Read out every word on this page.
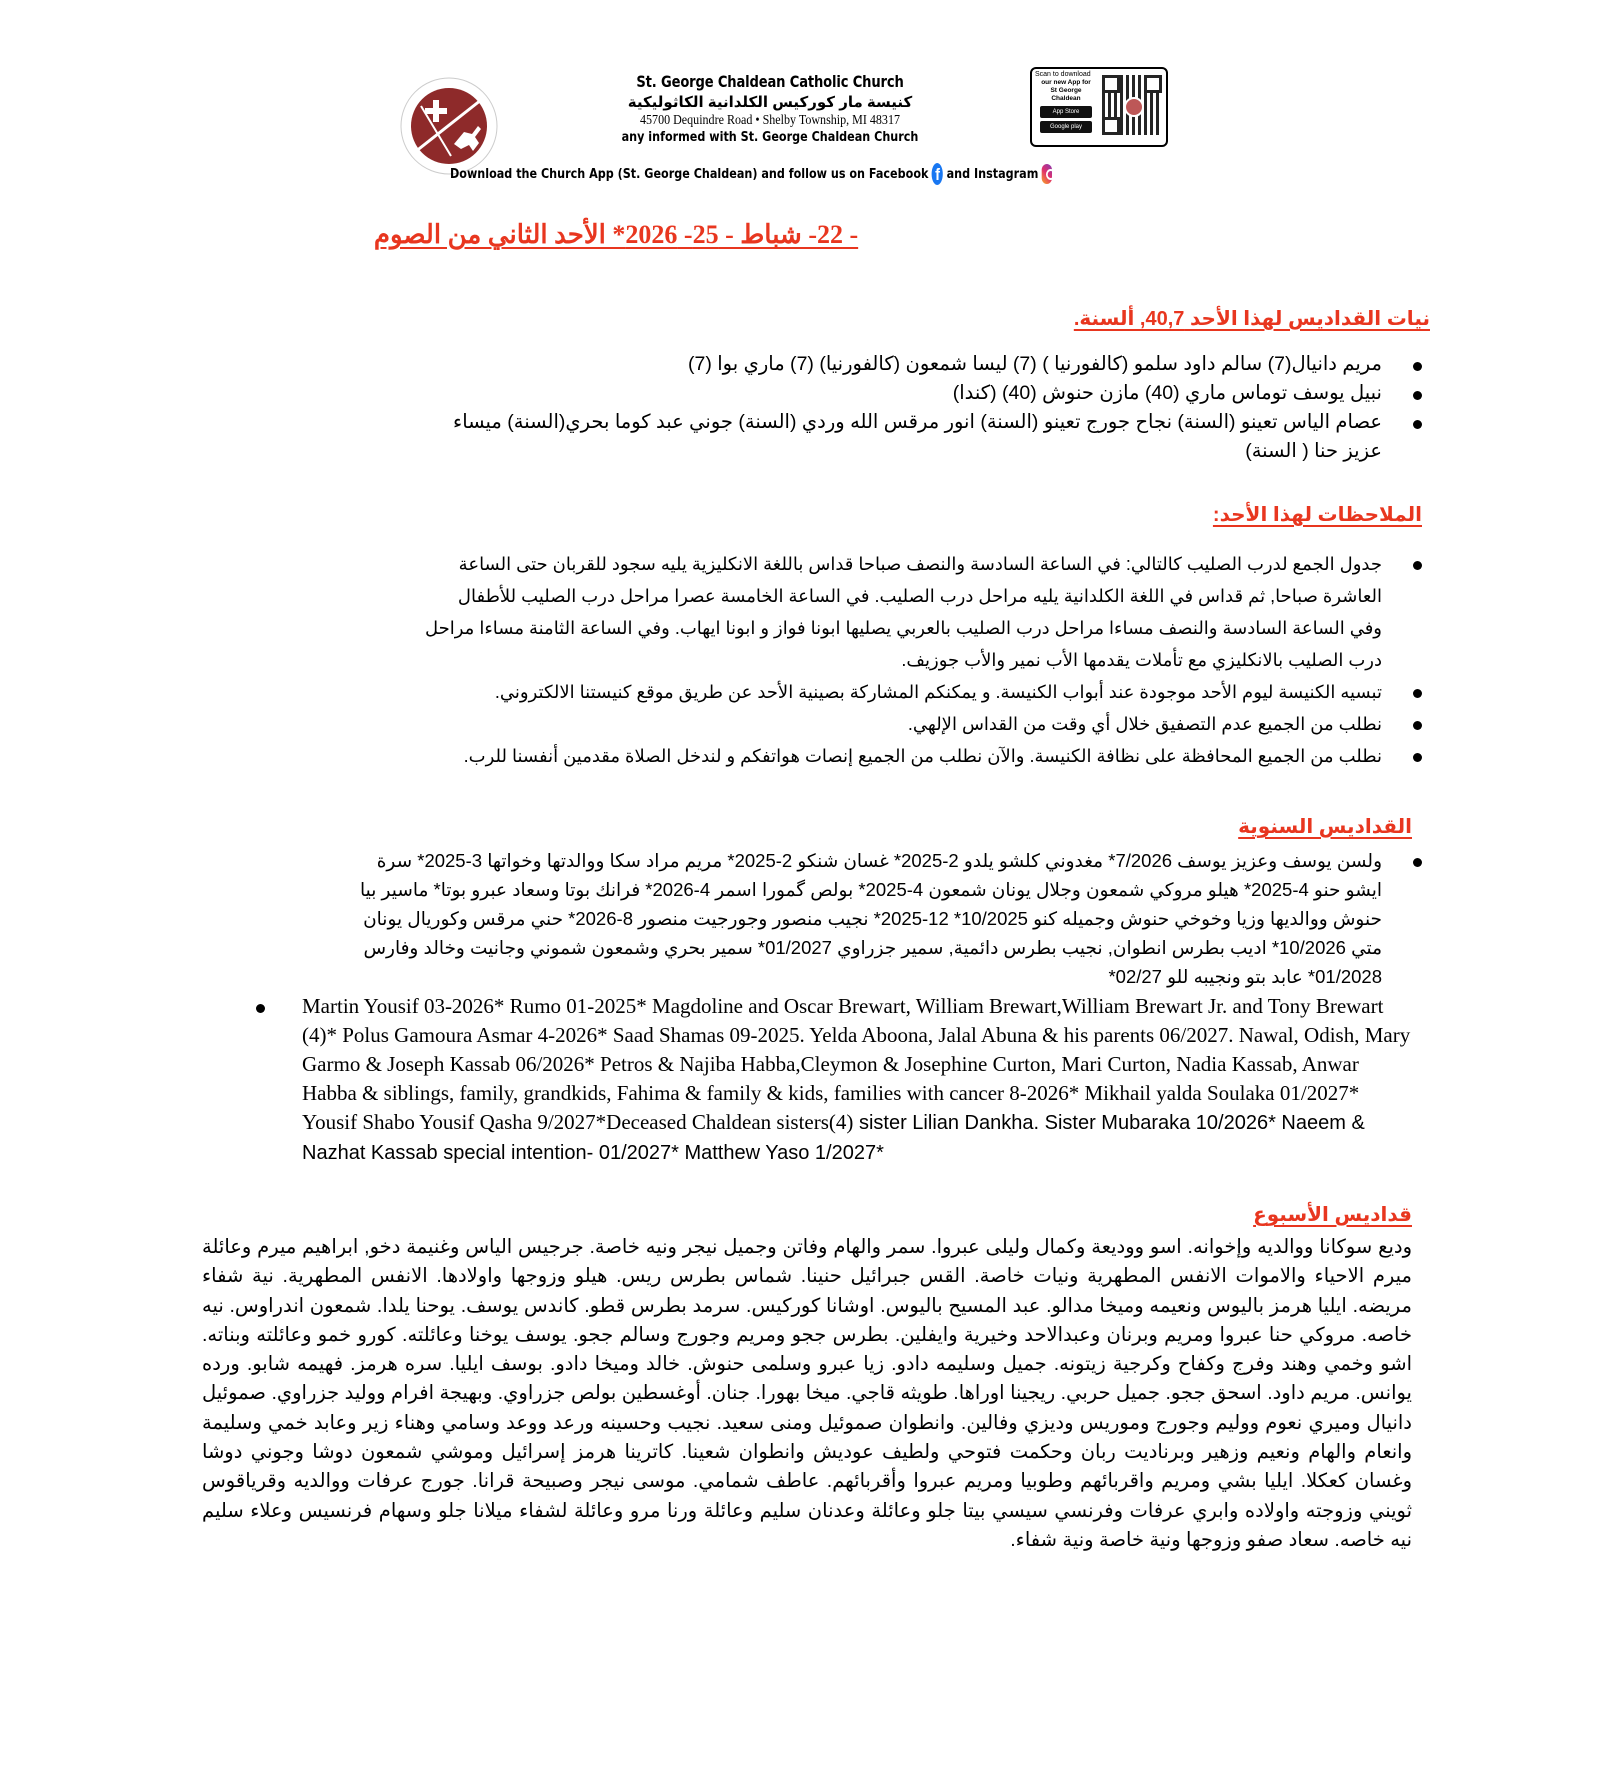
St. George Chaldean Catholic Church
كنيسة مار كوركيس الكلدانية الكاثوليكية
45700 Dequindre Road • Shelby Township, MI 48317
any informed with St. George Chaldean Church
Download the Church App (St. George Chaldean) and follow us on Facebook f and Instagram
Scan to download
our new App for
St George Chaldean
App Store
Google play
- 22- شباط - 25- 2026* الأحد الثاني من الصوم
نيات القداديس لهذا الأحد 40,7, ألسنة.
مريم دانيال(7) سالم داود سلمو (كالفورنيا ) (7) ليسا شمعون (كالفورنيا) (7) ماري بوا (7)
نبيل يوسف توماس ماري (40) مازن حنوش (40) (كندا)
عصام الياس تعينو (السنة) نجاح جورج تعينو (السنة) انور مرقس الله وردي (السنة) جوني عبد كوما بحري(السنة) ميساء عزيز حنا ( السنة)
الملاحظات لهذا الأحد:
جدول الجمع لدرب الصليب كالتالي: في الساعة السادسة والنصف صباحا قداس باللغة الانكليزية يليه سجود للقربان حتى الساعة العاشرة صباحا, ثم قداس في اللغة الكلدانية يليه مراحل درب الصليب. في الساعة الخامسة عصرا مراحل درب الصليب للأطفال وفي الساعة السادسة والنصف مساءا مراحل درب الصليب بالعربي يصليها ابونا فواز و ابونا ايهاب. وفي الساعة الثامنة مساءا مراحل درب الصليب بالانكليزي مع تأملات يقدمها الأب نمير والأب جوزيف.
تبسيه الكنيسة ليوم الأحد موجودة عند أبواب الكنيسة. و يمكنكم المشاركة بصينية الأحد عن طريق موقع كنيستنا الالكتروني.
نطلب من الجميع عدم التصفيق خلال أي وقت من القداس الإلهي.
نطلب من الجميع المحافظة على نظافة الكنيسة. والآن نطلب من الجميع إنصات هواتفكم و لندخل الصلاة مقدمين أنفسنا للرب.
القداديس السنوية
ولسن يوسف وعزيز يوسف 7/2026* مغدوني كلشو يلدو 2-2025* غسان شنكو 2-2025* مريم مراد سكا ووالدتها وخواتها 3-2025* سرة ايشو حنو 4-2025* هيلو مروكي شمعون وجلال يونان شمعون 4-2025* بولص گمورا اسمر 4-2026* فرانك بوتا وسعاد عبرو بوتا* ماسير بيا حنوش ووالديها وزيا وخوخي حنوش وجميله كنو 10/2025* 12-2025* نجيب منصور وجورجيت منصور 8-2026* حني مرقس وكوريال يونان متي 10/2026* اديب بطرس انطوان, نجيب بطرس دائمية, سمير جزراوي 01/2027* سمير بحري وشمعون شموني وجانيت وخالد وفارس 01/2028* عابد بتو ونجيبه للو 02/27*
Martin Yousif 03-2026* Rumo 01-2025* Magdoline and Oscar Brewart, William Brewart,William Brewart Jr. and Tony Brewart (4)* Polus Gamoura Asmar 4-2026* Saad Shamas 09-2025. Yelda Aboona, Jalal Abuna & his parents 06/2027. Nawal, Odish, Mary Garmo & Joseph Kassab 06/2026* Petros & Najiba Habba,Cleymon & Josephine Curton, Mari Curton, Nadia Kassab, Anwar Habba & siblings, family, grandkids, Fahima & family & kids, families with cancer 8-2026* Mikhail yalda Soulaka 01/2027* Yousif Shabo Yousif Qasha 9/2027*Deceased Chaldean sisters(4) sister Lilian Dankha. Sister Mubaraka 10/2026* Naeem & Nazhat Kassab special intention- 01/2027* Matthew Yaso 1/2027*
قداديس الأسبوع
وديع سوكانا ووالديه وإخوانه. اسو ووديعة وكمال وليلى عبروا. سمر والهام وفاتن وجميل نيجر ونيه خاصة. جرجيس الياس وغنيمة دخو, ابراهيم ميرم وعائلة ميرم الاحياء والاموات الانفس المطهرية ونيات خاصة. القس جبرائيل حنينا. شماس بطرس ريس. هيلو وزوجها واولادها. الانفس المطهرية. نية شفاء مريضه. ايليا هرمز باليوس ونعيمه وميخا مدالو. عبد المسيح باليوس. اوشانا كوركيس. سرمد بطرس قطو. كاندس يوسف. يوحنا يلدا. شمعون اندراوس. نيه خاصه. مروكي حنا عبروا ومريم وبرنان وعبدالاحد وخيرية وايفلين. بطرس ججو ومريم وجورج وسالم ججو. يوسف يوخنا وعائلته. كورو خمو وعائلته وبناته. اشو وخمي وهند وفرج وكفاح وكرجية زيتونه. جميل وسليمه دادو. زيا عبرو وسلمى حنوش. خالد وميخا دادو. بوسف ايليا. سره هرمز. فهيمه شابو. ورده يوانس. مريم داود. اسحق ججو. جميل حربي. ريجينا اوراها. طويثه قاجي. ميخا بهورا. جنان. أوغسطين بولص جزراوي. وبهيجة افرام ووليد جزراوي. صموئيل دانيال وميري نعوم ووليم وجورج وموريس وديزي وفالين. وانطوان صموئيل ومنى سعيد. نجيب وحسينه ورعد ووعد وسامي وهناء زير وعابد خمي وسليمة وانعام والهام ونعيم وزهير وبرناديت ربان وحكمت فتوحي ولطيف عوديش وانطوان شعينا. كاترينا هرمز إسرائيل وموشي شمعون دوشا وجوني دوشا وغسان كعكلا. ايليا بشي ومريم واقربائهم وطوبيا ومريم عبروا وأقربائهم. عاطف شمامي. موسى نيجر وصبيحة قرانا. جورج عرفات ووالديه وقرياقوس ثويني وزوجته واولاده وابري عرفات وفرنسي سيسي بيتا جلو وعائلة وعدنان سليم وعائلة ورنا مرو وعائلة لشفاء ميلانا جلو وسهام فرنسيس وعلاء سليم نيه خاصه. سعاد صفو وزوجها ونية خاصة ونية شفاء.
